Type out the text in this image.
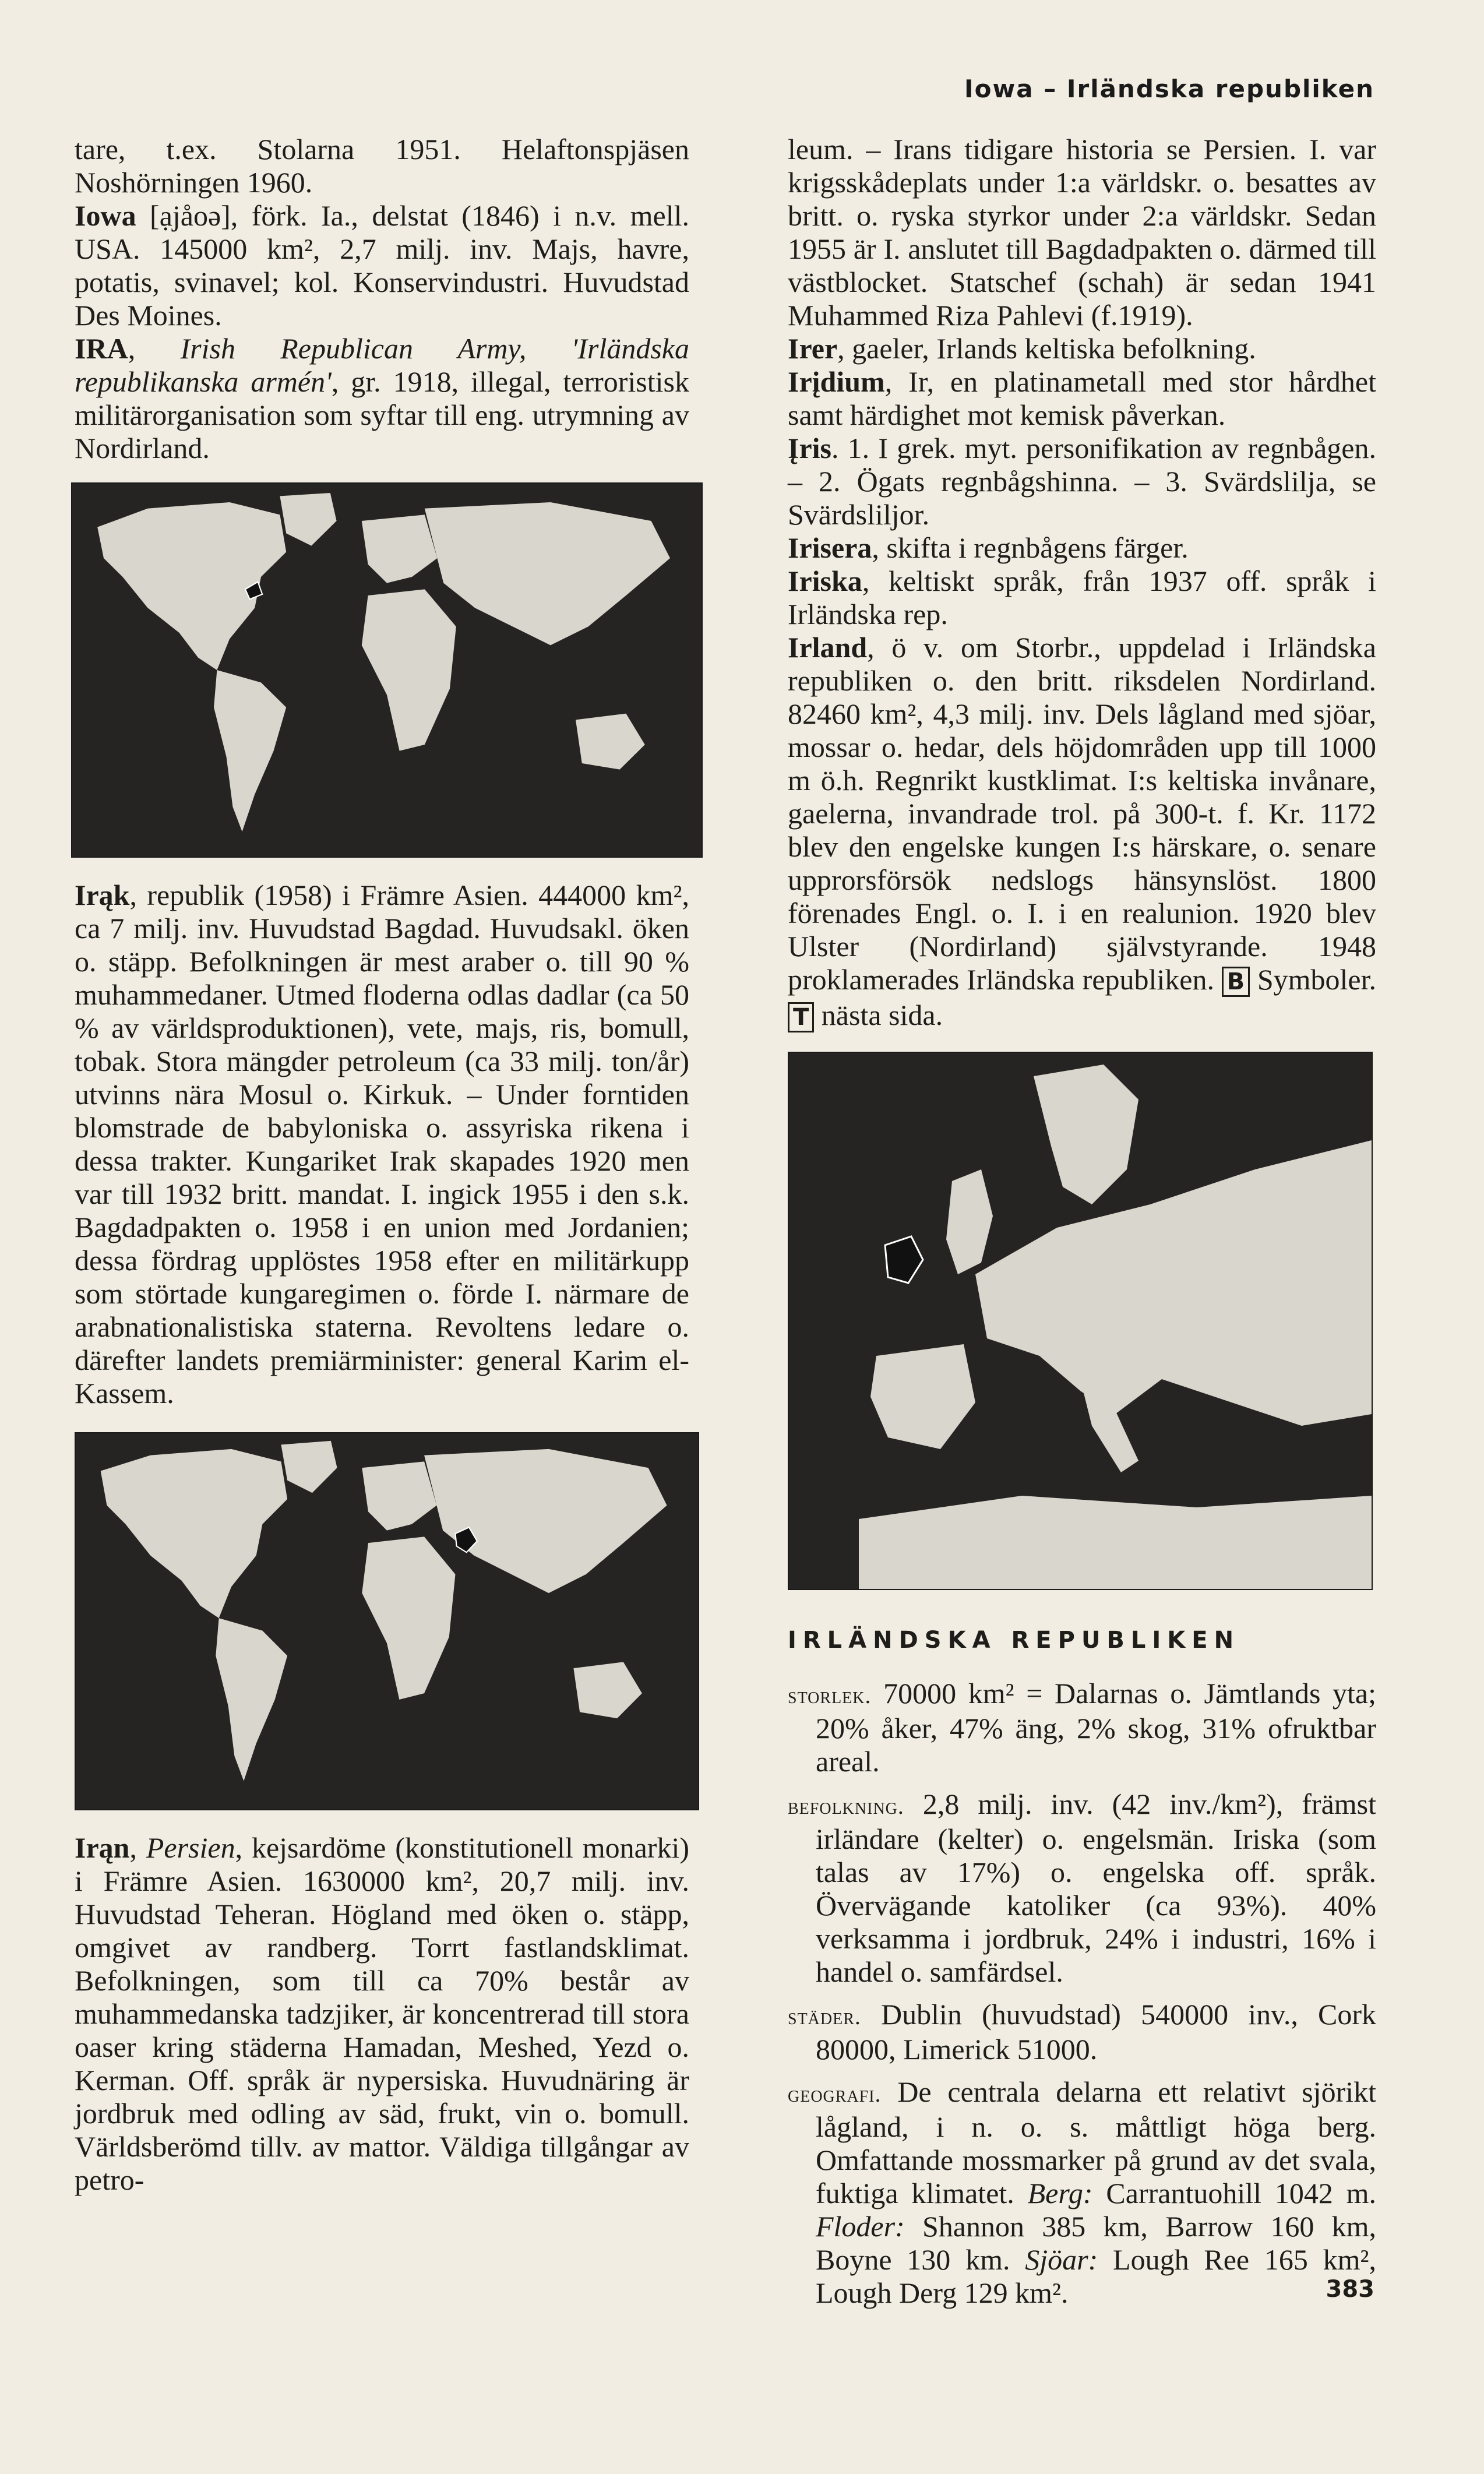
Iowa – Irländska republiken

tare, t.ex. Stolarna 1951. Helaftonspjäsen Noshörningen 1960.

Iowa [ạjåoə], förk. Ia., delstat (1846) i n.v. mell. USA. 145000 km², 2,7 milj. inv. Majs, havre, potatis, svinavel; kol. Konservindustri. Huvudstad Des Moines.

IRA, Irish Republican Army, 'Irländska republikanska armén', gr. 1918, illegal, terroristisk militärorganisation som syftar till eng. utrymning av Nordirland.

Irąk, republik (1958) i Främre Asien. 444000 km², ca 7 milj. inv. Huvudstad Bagdad. Huvudsakl. öken o. stäpp. Befolkningen är mest araber o. till 90 % muhammedaner. Utmed floderna odlas dadlar (ca 50 % av världsproduktionen), vete, majs, ris, bomull, tobak. Stora mängder petroleum (ca 33 milj. ton/år) utvinns nära Mosul o. Kirkuk. – Under forntiden blomstrade de babyloniska o. assyriska rikena i dessa trakter. Kungariket Irak skapades 1920 men var till 1932 britt. mandat. I. ingick 1955 i den s.k. Bagdadpakten o. 1958 i en union med Jordanien; dessa fördrag upplöstes 1958 efter en militärkupp som störtade kungaregimen o. förde I. närmare de arabnationalistiska staterna. Revoltens ledare o. därefter landets premiärminister: general Karim el-Kassem.

Irąn, Persien, kejsardöme (konstitutionell monarki) i Främre Asien. 1630000 km², 20,7 milj. inv. Huvudstad Teheran. Högland med öken o. stäpp, omgivet av randberg. Torrt fastlandsklimat. Befolkningen, som till ca 70% består av muhammedanska tadzjiker, är koncentrerad till stora oaser kring städerna Hamadan, Meshed, Yezd o. Kerman. Off. språk är nypersiska. Huvudnäring är jordbruk med odling av säd, frukt, vin o. bomull. Världsberömd tillv. av mattor. Väldiga tillgångar av petro-

leum. – Irans tidigare historia se Persien. I. var krigsskådeplats under 1:a världskr. o. besattes av britt. o. ryska styrkor under 2:a världskr. Sedan 1955 är I. anslutet till Bagdadpakten o. därmed till västblocket. Statschef (schah) är sedan 1941 Muhammed Riza Pahlevi (f.1919).

Irer, gaeler, Irlands keltiska befolkning.

Irįdium, Ir, en platinametall med stor hårdhet samt härdighet mot kemisk påverkan.

Įris. 1. I grek. myt. personifikation av regnbågen. – 2. Ögats regnbågshinna. – 3. Svärdslilja, se Svärdsliljor.

Irisera, skifta i regnbågens färger.

Iriska, keltiskt språk, från 1937 off. språk i Irländska rep.

Irland, ö v. om Storbr., uppdelad i Irländska republiken o. den britt. riksdelen Nordirland. 82460 km², 4,3 milj. inv. Dels lågland med sjöar, mossar o. hedar, dels höjdområden upp till 1000 m ö.h. Regnrikt kustklimat. I:s keltiska invånare, gaelerna, invandrade trol. på 300-t. f. Kr. 1172 blev den engelske kungen I:s härskare, o. senare upprorsförsök nedslogs hänsynslöst. 1800 förenades Engl. o. I. i en realunion. 1920 blev Ulster (Nordirland) självstyrande. 1948 proklamerades Irländska republiken. B Symboler. T nästa sida.

IRLÄNDSKA REPUBLIKEN

storlek. 70000 km² = Dalarnas o. Jämtlands yta; 20% åker, 47% äng, 2% skog, 31% ofruktbar areal.

befolkning. 2,8 milj. inv. (42 inv./km²), främst irländare (kelter) o. engelsmän. Iriska (som talas av 17%) o. engelska off. språk. Övervägande katoliker (ca 93%). 40% verksamma i jordbruk, 24% i industri, 16% i handel o. samfärdsel.

städer. Dublin (huvudstad) 540000 inv., Cork 80000, Limerick 51000.

geografi. De centrala delarna ett relativt sjörikt lågland, i n. o. s. måttligt höga berg. Omfattande mossmarker på grund av det svala, fuktiga klimatet. Berg: Carrantuohill 1042 m. Floder: Shannon 385 km, Barrow 160 km, Boyne 130 km. Sjöar: Lough Ree 165 km², Lough Derg 129 km².	383
